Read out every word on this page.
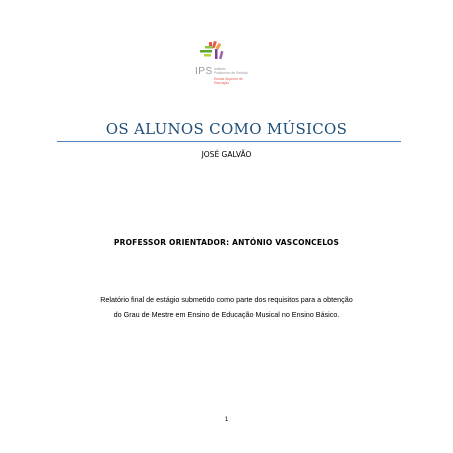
IPS Instituto
Politécnico de Setúbal
Escola Superior de
Educação
OS ALUNOS COMO MÚSICOS
JOSÉ GALVÃO
PROFESSOR ORIENTADOR: ANTÓNIO VASCONCELOS
Relatório final de estágio submetido como parte dos requisitos para a obtenção
do Grau de Mestre em Ensino de Educação Musical no Ensino Básico.
1
